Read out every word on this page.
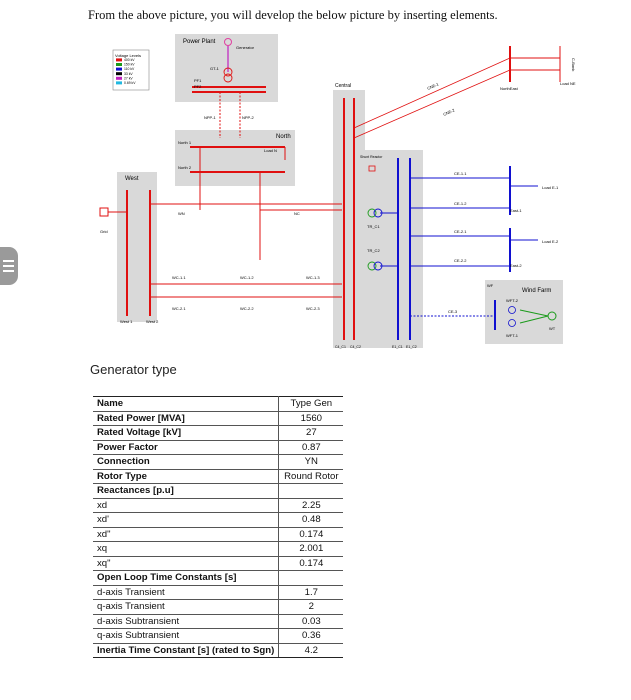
From the above picture, you will develop the below picture by inserting elements.
Voltage Levels
400 kV
150 kV
110 kV
33 kV
27 kV
0.69 kV
Power Plant
Generator
GT-1
PF1
PF2
NPP-1	NPP-2
North
North 1
North 2
Load N
West
Grid
WN
West 1	West 2
NC
WC-1.1	WC-1.2	WC-1.3
WC-2.1	WC-2.2	WC-2.3
Central
Shunt Reactor
TR_C1
TR_C2
C4_C1 C4_C2
CE-1.1
CE-1.2
CE-2.1
CE-2.2
CE-3
East-1
East-2
Load E-1
Load E-2
E1_C1 E1_C2
CNE-1
CNE-2
C-Bank
NorthEast
Load NE
WF
Wind Farm
WFT-2
WFT-1
WT
Generator type
Name	Type Gen
Rated Power [MVA]	1560
Rated Voltage [kV]	27
Power Factor	0.87
Connection	YN
Rotor Type	Round Rotor
Reactances [p.u]	
xd	2.25
xd'	0.48
xd"	0.174
xq	2.001
xq"	0.174
Open Loop Time Constants [s]	
d-axis Transient	1.7
q-axis Transient	2
d-axis Subtransient	0.03
q-axis Subtransient	0.36
Inertia Time Constant [s] (rated to Sgn)	4.2
